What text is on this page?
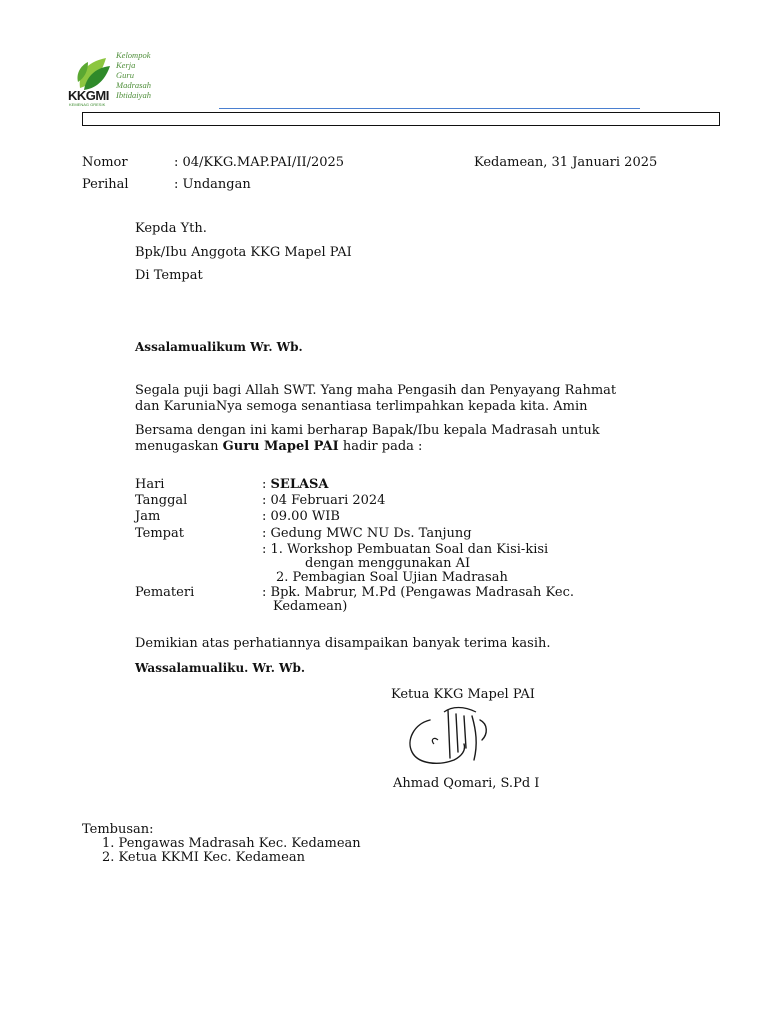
KKGMI
KEMENAG GRESIK
Kelompok
Kerja
Guru
Madrasah
Ibtidaiyah
Nomor	: 04/KKG.MAP.PAI/II/2025	Kedamean, 31 Januari 2025
Perihal	: Undangan
Kepda Yth.
Bpk/Ibu Anggota KKG Mapel PAI
Di Tempat
Assalamualikum Wr. Wb.
Segala puji bagi Allah SWT. Yang maha Pengasih dan Penyayang Rahmat
dan KaruniaNya semoga senantiasa terlimpahkan kepada kita. Amin
Bersama dengan ini kami berharap Bapak/Ibu kepala Madrasah untuk
menugaskan Guru Mapel PAI hadir pada :
Hari	: SELASA
Tanggal	: 04 Februari 2024
Jam	: 09.00 WIB
Tempat	: Gedung MWC NU Ds. Tanjung
: 1. Workshop Pembuatan Soal dan Kisi-kisi
dengan menggunakan AI
2. Pembagian Soal Ujian Madrasah
Pemateri	: Bpk. Mabrur, M.Pd (Pengawas Madrasah Kec.
Kedamean)
Demikian atas perhatiannya disampaikan banyak terima kasih.
Wassalamualiku. Wr. Wb.
Ketua KKG Mapel PAI
Ahmad Qomari, S.Pd I
Tembusan:
1. Pengawas Madrasah Kec. Kedamean
2. Ketua KKMI Kec. Kedamean
